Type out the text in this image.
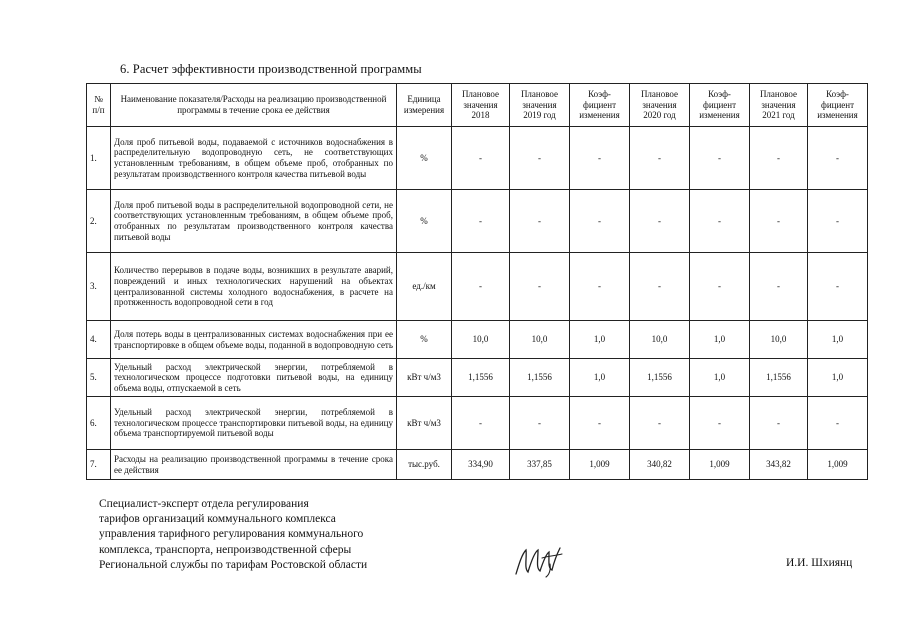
6. Расчет эффективности производственной программы
№ п/п	Наименование показателя/Расходы на реализацию производственной программы в течение срока ее действия	Единица измерения	Плановое значения 2018	Плановое значения 2019 год	Коэф-фициент изменения	Плановое значения 2020 год	Коэф-фициент изменения	Плановое значения 2021 год	Коэф-фициент изменения
1.	Доля проб питьевой воды, подаваемой с источников водоснабжения в распределительную водопроводную сеть, не соответствующих установленным требованиям, в общем объеме проб, отобранных по результатам производственного контроля качества питьевой воды	%	-	-	-	-	-	-	-
2.	Доля проб питьевой воды в распределительной водопроводной сети, не соответствующих установленным требованиям, в общем объеме проб, отобранных по результатам производственного контроля качества питьевой воды	%	-	-	-	-	-	-	-
3.	Количество перерывов в подаче воды, возникших в результате аварий, повреждений и иных технологических нарушений на объектах централизованной системы холодного водоснабжения, в расчете на протяженность водопроводной сети в год	ед./км	-	-	-	-	-	-	-
4.	Доля потерь воды в централизованных системах водоснабжения при ее транспортировке в общем объеме воды, поданной в водопроводную сеть	%	10,0	10,0	1,0	10,0	1,0	10,0	1,0
5.	Удельный расход электрической энергии, потребляемой в технологическом процессе подготовки питьевой воды, на единицу объема воды, отпускаемой в сеть	кВт ч/м3	1,1556	1,1556	1,0	1,1556	1,0	1,1556	1,0
6.	Удельный расход электрической энергии, потребляемой в технологическом процессе транспортировки питьевой воды, на единицу объема транспортируемой питьевой воды	кВт ч/м3	-	-	-	-	-	-	-
7.	Расходы на реализацию производственной программы в течение срока ее действия	тыс.руб.	334,90	337,85	1,009	340,82	1,009	343,82	1,009
Специалист-эксперт отдела регулирования
тарифов организаций коммунального комплекса
управления тарифного регулирования коммунального
комплекса, транспорта, непроизводственной сферы
Региональной службы по тарифам Ростовской области	И.И. Шхиянц
